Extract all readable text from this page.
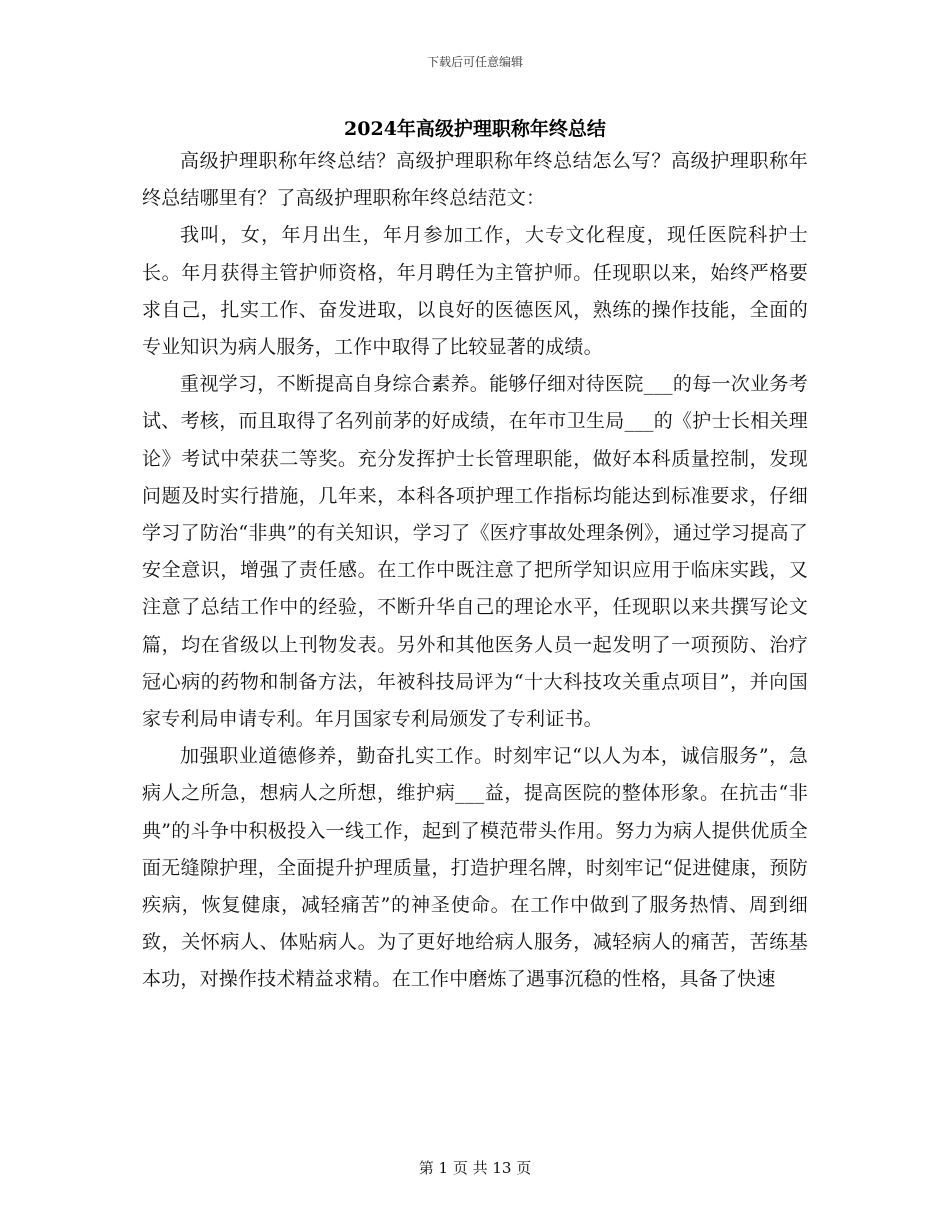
下载后可任意编辑
2024年高级护理职称年终总结

高级护理职称年终总结？高级护理职称年终总结怎么写？高级护理职称年终总结哪里有？了高级护理职称年终总结范文：

我叫，女，年月出生，年月参加工作，大专文化程度，现任医院科护士长。年月获得主管护师资格，年月聘任为主管护师。任现职以来，始终严格要求自己，扎实工作、奋发进取，以良好的医德医风，熟练的操作技能，全面的专业知识为病人服务，工作中取得了比较显著的成绩。

重视学习，不断提高自身综合素养。能够仔细对待医院___的每一次业务考试、考核，而且取得了名列前茅的好成绩，在年市卫生局___的《护士长相关理论》考试中荣获二等奖。充分发挥护士长管理职能，做好本科质量控制，发现问题及时实行措施，几年来，本科各项护理工作指标均能达到标准要求，仔细学习了防治“非典”的有关知识，学习了《医疗事故处理条例》，通过学习提高了安全意识，增强了责任感。在工作中既注意了把所学知识应用于临床实践，又注意了总结工作中的经验，不断升华自己的理论水平，任现职以来共撰写论文篇，均在省级以上刊物发表。另外和其他医务人员一起发明了一项预防、治疗冠心病的药物和制备方法，年被科技局评为“十大科技攻关重点项目”，并向国家专利局申请专利。年月国家专利局颁发了专利证书。

加强职业道德修养，勤奋扎实工作。时刻牢记“以人为本，诚信服务”，急病人之所急，想病人之所想，维护病___益，提高医院的整体形象。在抗击“非典”的斗争中积极投入一线工作，起到了模范带头作用。努力为病人提供优质全面无缝隙护理，全面提升护理质量，打造护理名牌，时刻牢记“促进健康，预防疾病，恢复健康，减轻痛苦”的神圣使命。在工作中做到了服务热情、周到细致，关怀病人、体贴病人。为了更好地给病人服务，减轻病人的痛苦，苦练基本功，对操作技术精益求精。在工作中磨炼了遇事沉稳的性格，具备了快速

第 1 页 共 13 页
